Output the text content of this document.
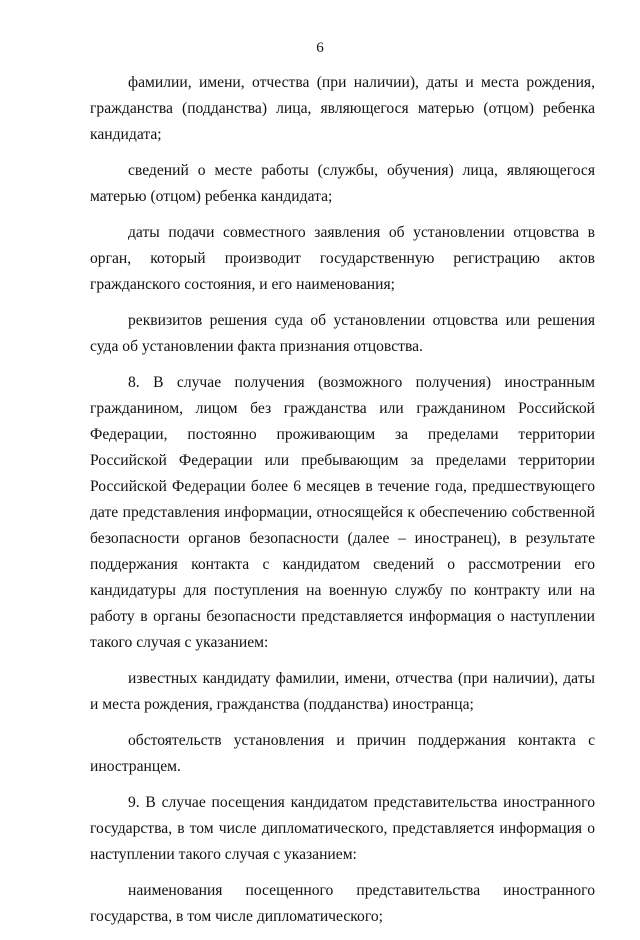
6

фамилии, имени, отчества (при наличии), даты и места рождения, гражданства (подданства) лица, являющегося матерью (отцом) ребенка кандидата;

сведений о месте работы (службы, обучения) лица, являющегося матерью (отцом) ребенка кандидата;

даты подачи совместного заявления об установлении отцовства в орган, который производит государственную регистрацию актов гражданского состояния, и его наименования;

реквизитов решения суда об установлении отцовства или решения суда об установлении факта признания отцовства.

8. В случае получения (возможного получения) иностранным гражданином, лицом без гражданства или гражданином Российской Федерации, постоянно проживающим за пределами территории Российской Федерации или пребывающим за пределами территории Российской Федерации более 6 месяцев в течение года, предшествующего дате представления информации, относящейся к обеспечению собственной безопасности органов безопасности (далее – иностранец), в результате поддержания контакта с кандидатом сведений о рассмотрении его кандидатуры для поступления на военную службу по контракту или на работу в органы безопасности представляется информация о наступлении такого случая с указанием:

известных кандидату фамилии, имени, отчества (при наличии), даты и места рождения, гражданства (подданства) иностранца;

обстоятельств установления и причин поддержания контакта с иностранцем.

9. В случае посещения кандидатом представительства иностранного государства, в том числе дипломатического, представляется информация о наступлении такого случая с указанием:

наименования посещенного представительства иностранного государства, в том числе дипломатического;
